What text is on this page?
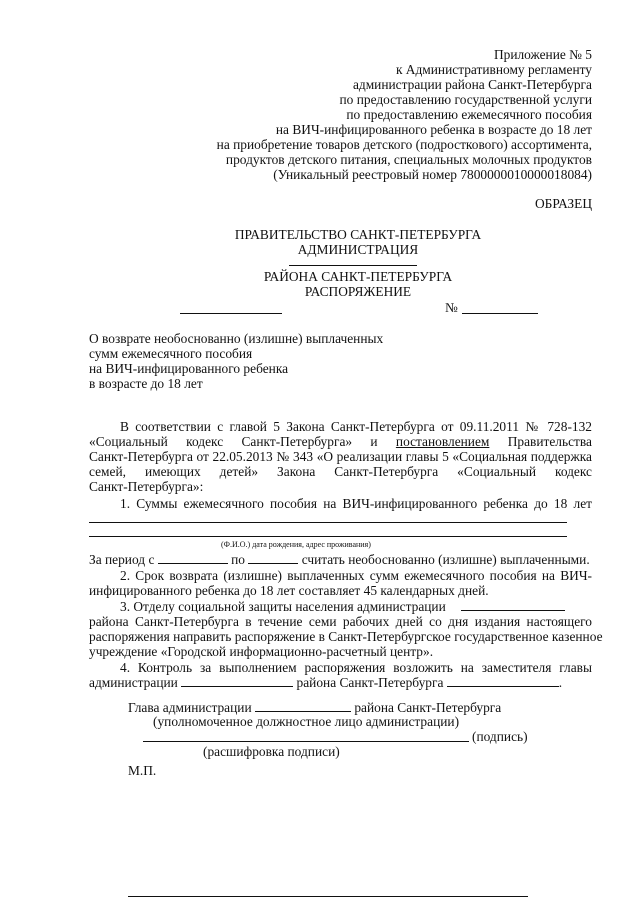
Приложение № 5
к Административному регламенту
администрации района Санкт-Петербурга
по предоставлению государственной услуги
по предоставлению ежемесячного пособия
на ВИЧ-инфицированного ребенка в возрасте до 18 лет
на приобретение товаров детского (подросткового) ассортимента,
продуктов детского питания, специальных молочных продуктов
(Уникальный реестровый номер 7800000010000018084)
ОБРАЗЕЦ
ПРАВИТЕЛЬСТВО САНКТ-ПЕТЕРБУРГА
АДМИНИСТРАЦИЯ
РАЙОНА САНКТ-ПЕТЕРБУРГА
РАСПОРЯЖЕНИЕ
№
О возврате необоснованно (излишне) выплаченных
сумм ежемесячного пособия
на ВИЧ-инфицированного ребенка
в возрасте до 18 лет
В соответствии с главой 5 Закона Санкт-Петербурга от 09.11.2011 № 728-132
«Социальный кодекс Санкт-Петербурга» и постановлением Правительства
Санкт-Петербурга от 22.05.2013 № 343 «О реализации главы 5 «Социальная поддержка
семей, имеющих детей» Закона Санкт-Петербурга «Социальный кодекс
Санкт-Петербурга»:
1. Суммы ежемесячного пособия на ВИЧ-инфицированного ребенка до 18 лет
(Ф.И.О.) дата рождения, адрес проживания)
За период с	по	считать необоснованно (излишне) выплаченными.
2. Срок возврата (излишне) выплаченных сумм ежемесячного пособия на ВИЧ-
инфицированного ребенка до 18 лет составляет 45 календарных дней.
3. Отделу социальной защиты населения администрации
района Санкт-Петербурга в течение семи рабочих дней со дня издания настоящего
распоряжения направить распоряжение в Санкт-Петербургское государственное казенное
учреждение «Городской информационно-расчетный центр».
4. Контроль за выполнением распоряжения возложить на заместителя главы
администрации	района Санкт-Петербурга	.
Глава администрации	района Санкт-Петербурга
(уполномоченное должностное лицо администрации)
(подпись)
(расшифровка подписи)
М.П.
